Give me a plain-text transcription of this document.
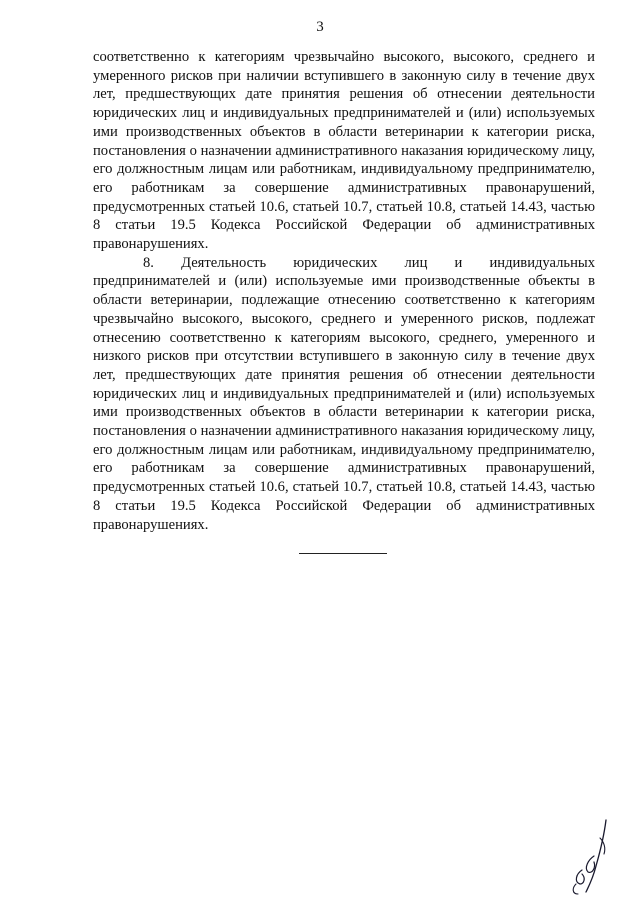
3

соответственно к категориям чрезвычайно высокого, высокого, среднего и умеренного рисков при наличии вступившего в законную силу в течение двух лет, предшествующих дате принятия решения об отнесении деятельности юридических лиц и индивидуальных предпринимателей и (или) используемых ими производственных объектов в области ветеринарии к категории риска, постановления о назначении административного наказания юридическому лицу, его должностным лицам или работникам, индивидуальному предпринимателю, его работникам за совершение административных правонарушений, предусмотренных статьей 10.6, статьей 10.7, статьей 10.8, статьей 14.43, частью 8 статьи 19.5 Кодекса Российской Федерации об административных правонарушениях.

8. Деятельность юридических лиц и индивидуальных предпринимателей и (или) используемые ими производственные объекты в области ветеринарии, подлежащие отнесению соответственно к категориям чрезвычайно высокого, высокого, среднего и умеренного рисков, подлежат отнесению соответственно к категориям высокого, среднего, умеренного и низкого рисков при отсутствии вступившего в законную силу в течение двух лет, предшествующих дате принятия решения об отнесении деятельности юридических лиц и индивидуальных предпринимателей и (или) используемых ими производственных объектов в области ветеринарии к категории риска, постановления о назначении административного наказания юридическому лицу, его должностным лицам или работникам, индивидуальному предпринимателю, его работникам за совершение административных правонарушений, предусмотренных статьей 10.6, статьей 10.7, статьей 10.8, статьей 14.43, частью 8 статьи 19.5 Кодекса Российской Федерации об административных правонарушениях.
